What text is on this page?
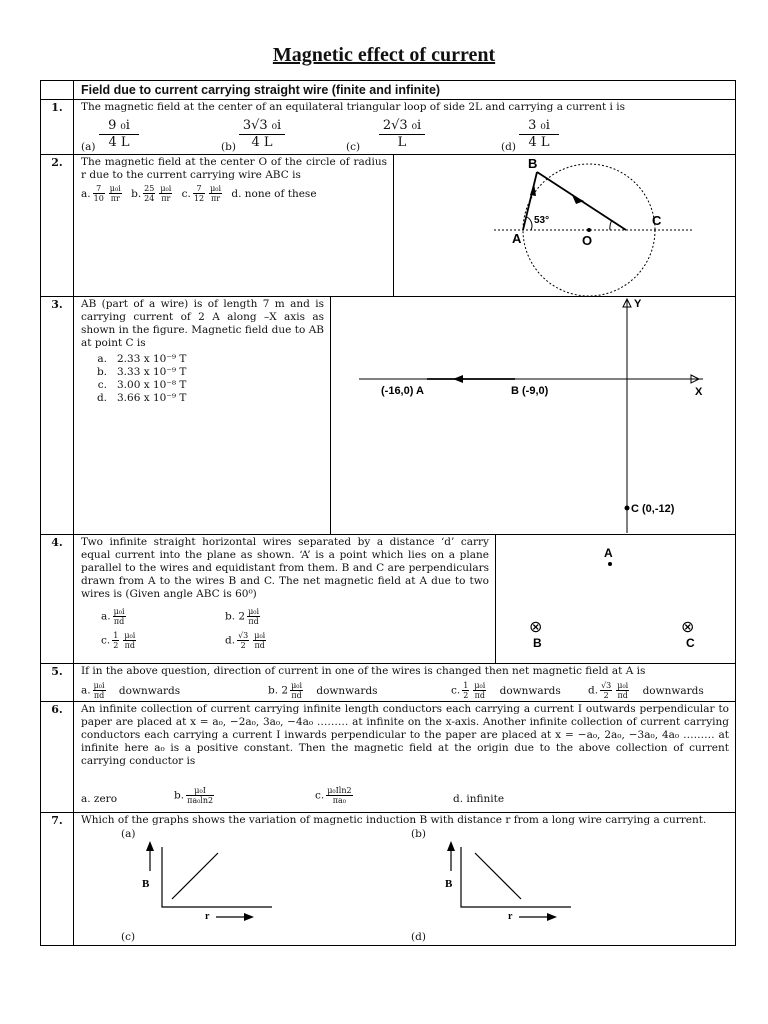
Magnetic effect of current
Field due to current carrying straight wire (finite and infinite)
1.	The magnetic field at the center of an equilateral triangular loop of side 2L and carrying a current i is
(a)
9 ₀i
4 L	(b)
3√3 ₀i
4 L	(c)
2√3 ₀i
L	(d)
3 ₀i
4 L
2.	The magnetic field at the center O of the circle of radius r due to the current carrying wire ABC is
a. $\frac{7}{10} \frac{\text{μ₀i}}{\pi r} b$. $\frac{25}{24} \frac{\text{μ₀i}}{\pi r} c$. $\frac{7}{12} \frac{\text{μ₀i}}{\pi r} d$. none of these
B
A	O
C
53°
3.	AB (part of a wire) is of length 7 m and is carrying current of 2 A along –X axis as shown in the figure. Magnetic field due to AB at point C is
a. 2.33 x 10⁻⁹ T
b. 3.33 x 10⁻⁹ T
c. 3.00 x 10⁻⁸ T
d. 3.66 x 10⁻⁹ T
Y
X
(-16,0) A	B (-9,0)
C (0,-12)
4.	Two infinite straight horizontal wires separated by a distance ‘d’ carry equal current into the plane as shown. ‘A’ is a point which lies on a plane parallel to the wires and equidistant from them. B and C are perpendiculars drawn from A to the wires B and C. The net magnetic field at A due to two wires is (Given angle ABC is 60⁰)
a. $\frac{\text{μ₀i}}{\pi d}$	b. $2 \frac{\text{μ₀i}}{\pi d}$
c. $\frac{1}{2} \frac{\text{μ₀i}}{\pi d}$	d. $\frac{√3}{2} \frac{\text{μ₀i}}{\pi d}$
A
⊗	⊗
B	C
5.	If in the above question, direction of current in one of the wires is changed then net magnetic field at A is
a. $\frac{\text{μ₀i}}{\pi d}$ downwards	b. $2 \frac{\text{μ₀i}}{\pi d}$ downwards	c. $\frac{1}{2} \frac{\text{μ₀i}}{\pi d}$ downwards	d. $\frac{√3}{2} \frac{\text{μ₀i}}{\pi d}$ downwards
6.	An infinite collection of current carrying infinite length conductors each carrying a current I outwards perpendicular to paper are placed at x = a₀, −2a₀, 3a₀, −4a₀ ……… at infinite on the x-axis. Another infinite collection of current carrying conductors each carrying a current I inwards perpendicular to the paper are placed at x = −a₀, 2a₀, −3a₀, 4a₀ ……… at infinite here a₀ is a positive constant. Then the magnetic field at the origin due to the above collection of current carrying conductor is
a. zero	b. $\frac{\text{μ₀I}}{\text{πa₀ln2}}$	c. $\frac{\text{μ₀Iln2}}{\text{πa₀}}$	d. infinite
7.	Which of the graphs shows the variation of magnetic induction B with distance r from a long wire carrying a current.
(a)	(b)
(c)	(d)
B
r
B
r
